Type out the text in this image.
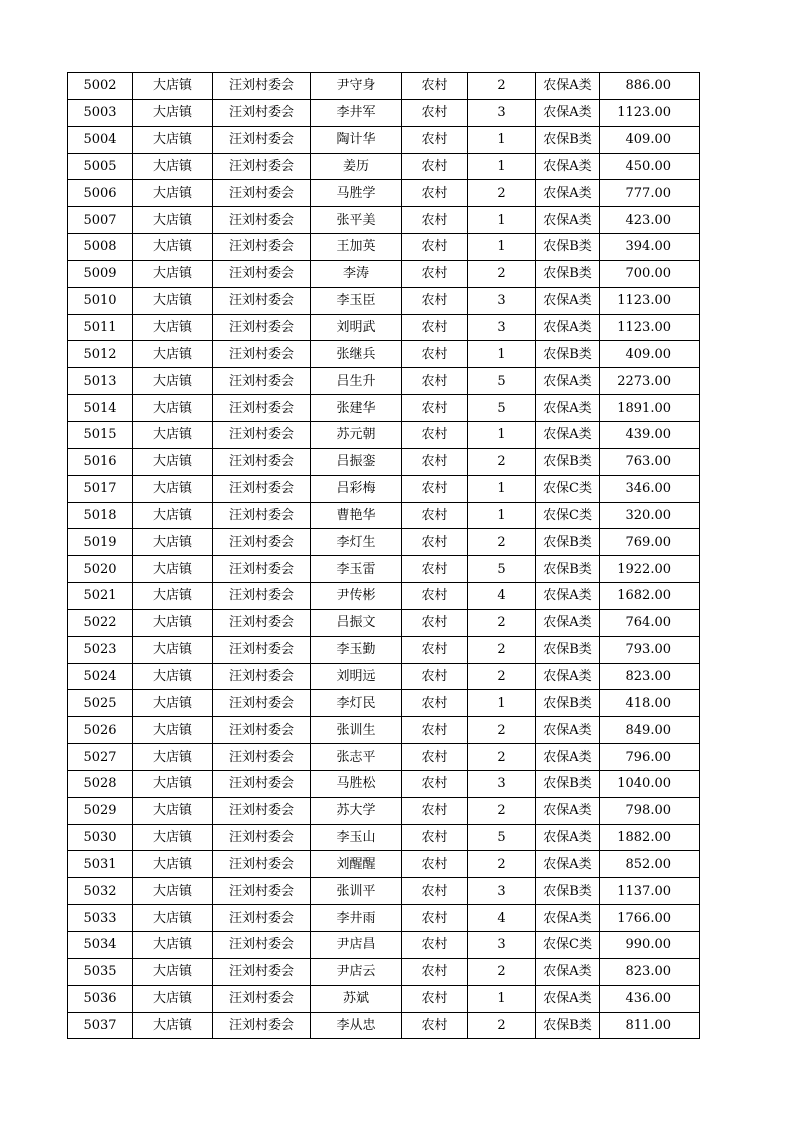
5002	大店镇	汪刘村委会	尹守身	农村	2	农保A类	886.00
5003	大店镇	汪刘村委会	李井军	农村	3	农保A类	1123.00
5004	大店镇	汪刘村委会	陶计华	农村	1	农保B类	409.00
5005	大店镇	汪刘村委会	姜历	农村	1	农保A类	450.00
5006	大店镇	汪刘村委会	马胜学	农村	2	农保A类	777.00
5007	大店镇	汪刘村委会	张平美	农村	1	农保A类	423.00
5008	大店镇	汪刘村委会	王加英	农村	1	农保B类	394.00
5009	大店镇	汪刘村委会	李涛	农村	2	农保B类	700.00
5010	大店镇	汪刘村委会	李玉臣	农村	3	农保A类	1123.00
5011	大店镇	汪刘村委会	刘明武	农村	3	农保A类	1123.00
5012	大店镇	汪刘村委会	张继兵	农村	1	农保B类	409.00
5013	大店镇	汪刘村委会	吕生升	农村	5	农保A类	2273.00
5014	大店镇	汪刘村委会	张建华	农村	5	农保A类	1891.00
5015	大店镇	汪刘村委会	苏元朝	农村	1	农保A类	439.00
5016	大店镇	汪刘村委会	吕振銮	农村	2	农保B类	763.00
5017	大店镇	汪刘村委会	吕彩梅	农村	1	农保C类	346.00
5018	大店镇	汪刘村委会	曹艳华	农村	1	农保C类	320.00
5019	大店镇	汪刘村委会	李灯生	农村	2	农保B类	769.00
5020	大店镇	汪刘村委会	李玉雷	农村	5	农保B类	1922.00
5021	大店镇	汪刘村委会	尹传彬	农村	4	农保A类	1682.00
5022	大店镇	汪刘村委会	吕振文	农村	2	农保A类	764.00
5023	大店镇	汪刘村委会	李玉勤	农村	2	农保B类	793.00
5024	大店镇	汪刘村委会	刘明远	农村	2	农保A类	823.00
5025	大店镇	汪刘村委会	李灯民	农村	1	农保B类	418.00
5026	大店镇	汪刘村委会	张训生	农村	2	农保A类	849.00
5027	大店镇	汪刘村委会	张志平	农村	2	农保A类	796.00
5028	大店镇	汪刘村委会	马胜松	农村	3	农保B类	1040.00
5029	大店镇	汪刘村委会	苏大学	农村	2	农保A类	798.00
5030	大店镇	汪刘村委会	李玉山	农村	5	农保A类	1882.00
5031	大店镇	汪刘村委会	刘醒醒	农村	2	农保A类	852.00
5032	大店镇	汪刘村委会	张训平	农村	3	农保B类	1137.00
5033	大店镇	汪刘村委会	李井雨	农村	4	农保A类	1766.00
5034	大店镇	汪刘村委会	尹店昌	农村	3	农保C类	990.00
5035	大店镇	汪刘村委会	尹店云	农村	2	农保A类	823.00
5036	大店镇	汪刘村委会	苏斌	农村	1	农保A类	436.00
5037	大店镇	汪刘村委会	李从忠	农村	2	农保B类	811.00
